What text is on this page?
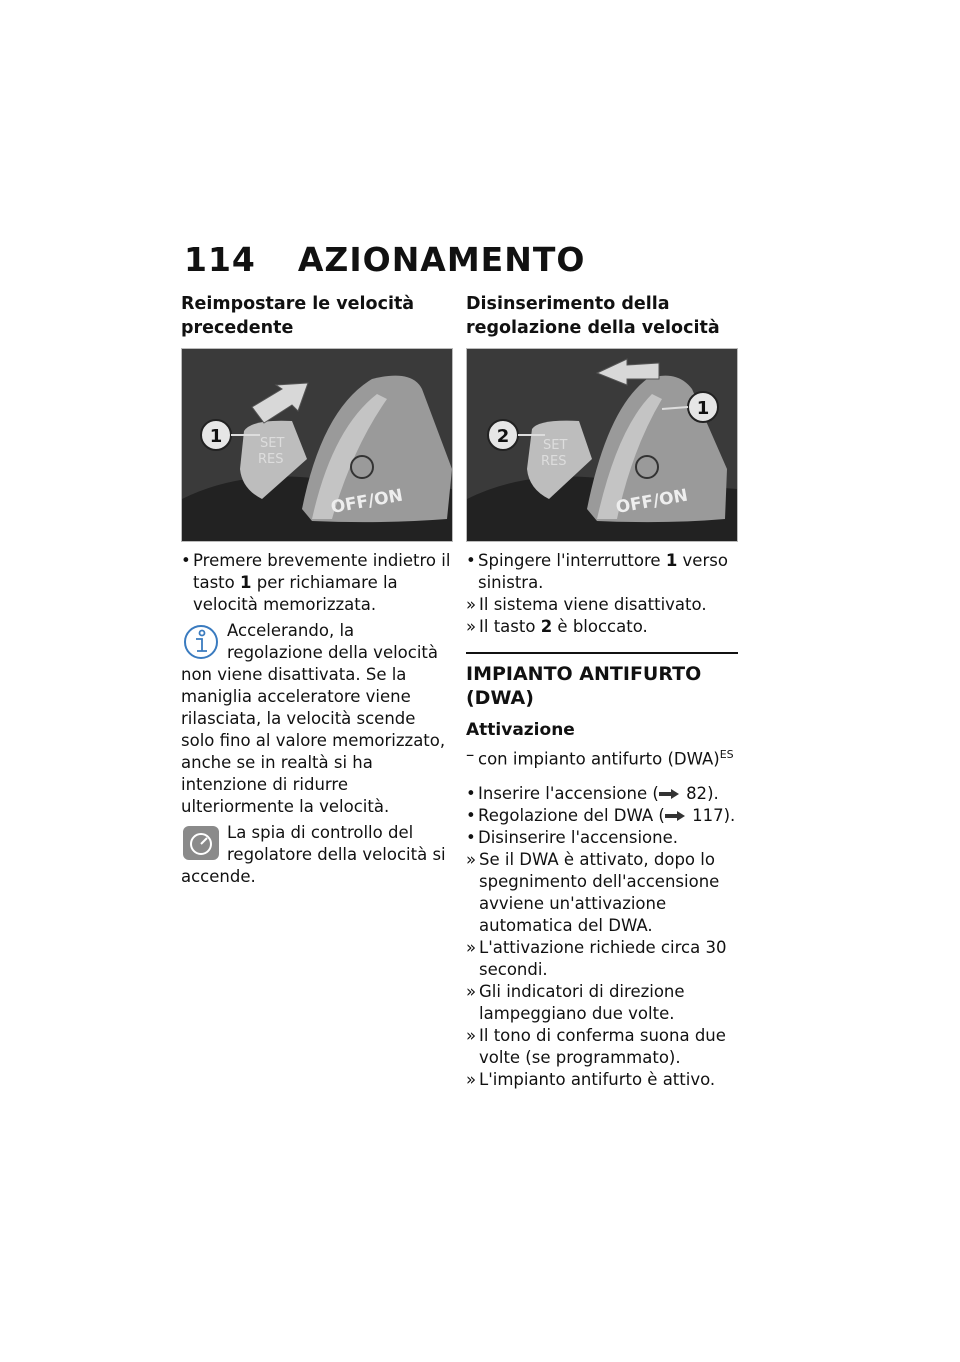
114 AZIONAMENTO
Reimpostare le velocità precedente
1	SET
RES
OFF/ON
• Premere brevemente indietro il tasto 1 per richiamare la velocità memorizzata.
Accelerando, la regolazione della velocità non viene disattivata. Se la maniglia acceleratore viene rilasciata, la velocità scende solo fino al valore memorizzato, anche se in realtà si ha intenzione di ridurre ulteriormente la velocità.
La spia di controllo del regolatore della velocità si accende.
Disinserimento della regolazione della velocità
1
2	SET
RES
OFF/ON
• Spingere l'interruttore 1 verso sinistra.
» Il sistema viene disattivato.
» Il tasto 2 è bloccato.
IMPIANTO ANTIFURTO (DWA)
Attivazione
– con impianto antifurto (DWA)$^{ES}$
• Inserire l'accensione ( 82).
• Regolazione del DWA ( 117).
• Disinserire l'accensione.
» Se il DWA è attivato, dopo lo spegnimento dell'accensione avviene un'attivazione automatica del DWA.
» L'attivazione richiede circa 30 secondi.
» Gli indicatori di direzione lampeggiano due volte.
» Il tono di conferma suona due volte (se programmato).
» L'impianto antifurto è attivo.
